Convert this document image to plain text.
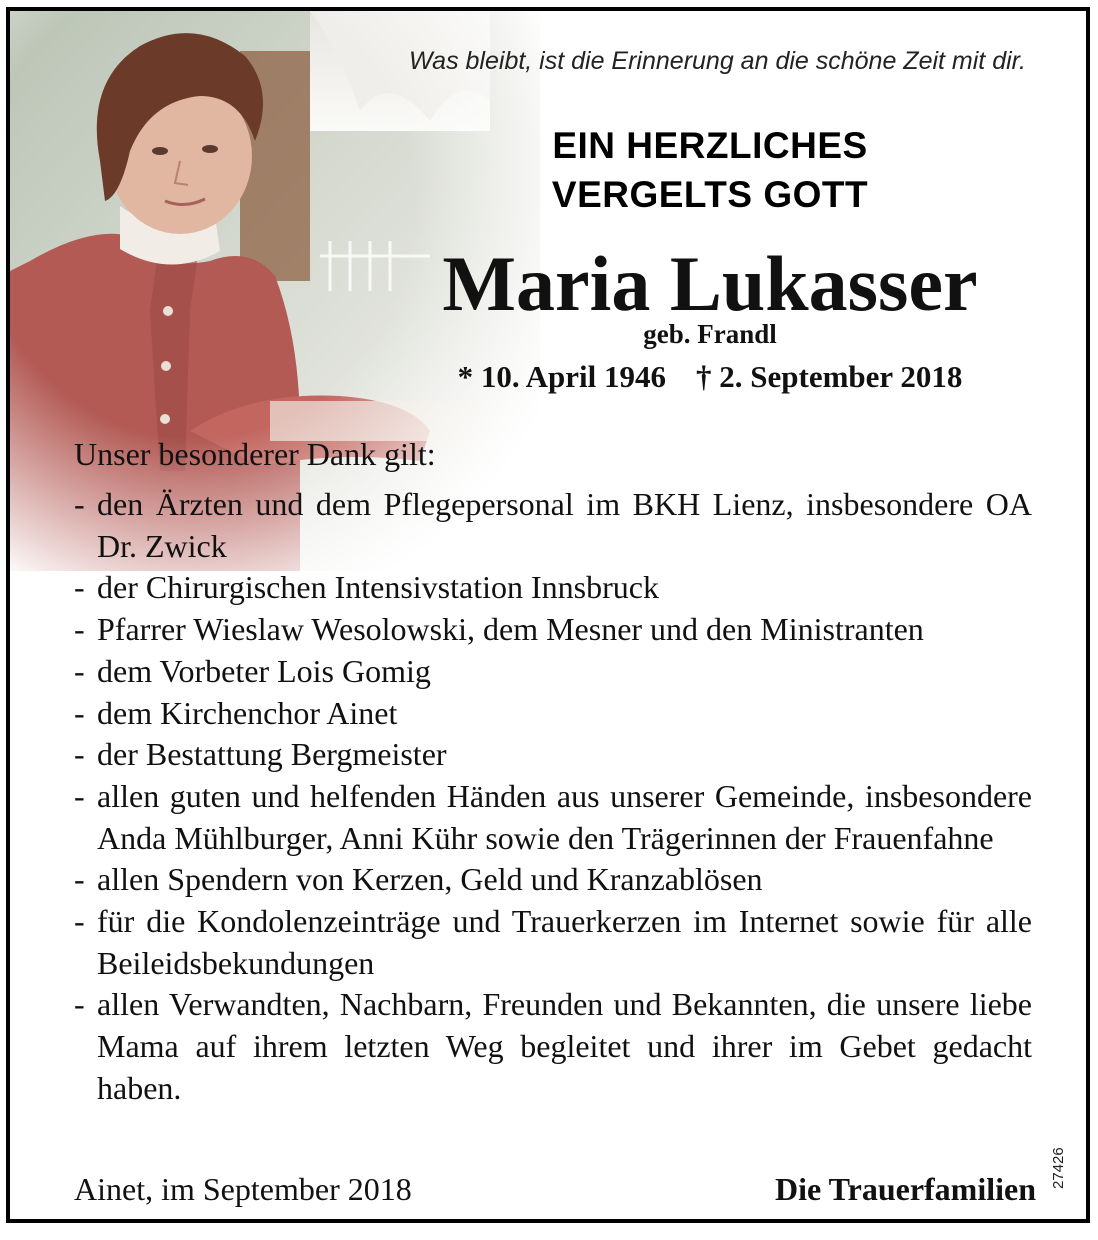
Was bleibt, ist die Erinnerung an die schöne Zeit mit dir.
EIN HERZLICHES
VERGELTS GOTT
Maria Lukasser
geb. Frandl
* 10. April 1946 † 2. September 2018
Unser besonderer Dank gilt:
- den Ärzten und dem Pflegepersonal im BKH Lienz, insbesondere OA Dr. Zwick
- der Chirurgischen Intensivstation Innsbruck
- Pfarrer Wieslaw Wesolowski, dem Mesner und den Ministranten
- dem Vorbeter Lois Gomig
- dem Kirchenchor Ainet
- der Bestattung Bergmeister
- allen guten und helfenden Händen aus unserer Gemeinde, insbesondere Anda Mühlburger, Anni Kühr sowie den Trägerinnen der Frauenfahne
- allen Spendern von Kerzen, Geld und Kranzablösen
- für die Kondolenzeinträge und Trauerkerzen im Internet sowie für alle Beileidsbekundungen
- allen Verwandten, Nachbarn, Freunden und Bekannten, die unsere liebe Mama auf ihrem letzten Weg begleitet und ihrer im Gebet gedacht haben.
Ainet, im September 2018	Die Trauerfamilien 27426
